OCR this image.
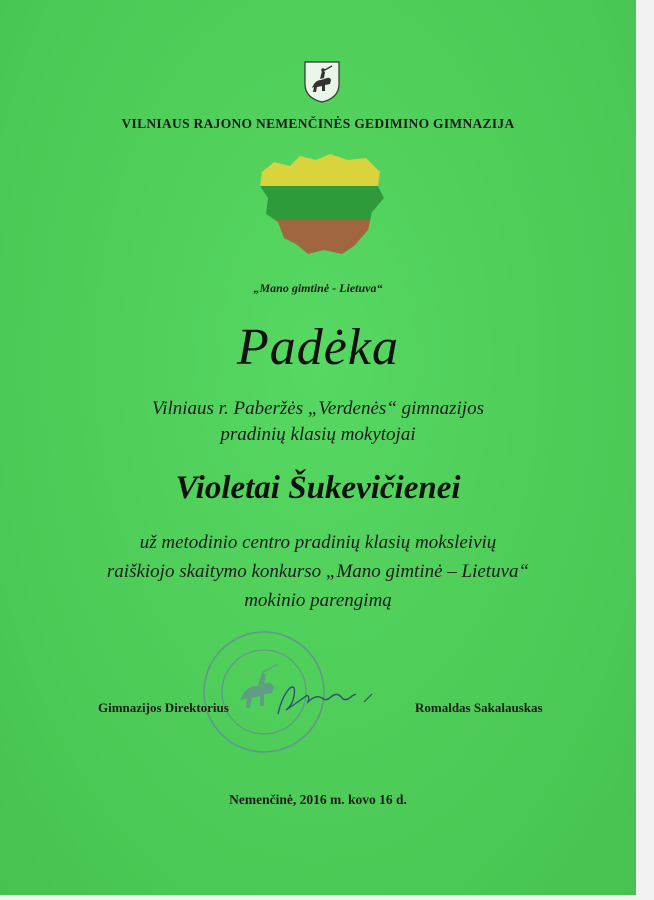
VILNIAUS RAJONO NEMENČINĖS GEDIMINO GIMNAZIJA
„Mano gimtinė - Lietuva“
Padėka
Vilniaus r. Paberžės „Verdenės“ gimnazijos
pradinių klasių mokytojai
Violetai Šukevičienei
už metodinio centro pradinių klasių moksleivių
raiškiojo skaitymo konkurso „Mano gimtinė – Lietuva“
mokinio parengimą
Gimnazijos Direktorius	Romaldas Sakalauskas
Nemenčinė, 2016 m. kovo 16 d.
